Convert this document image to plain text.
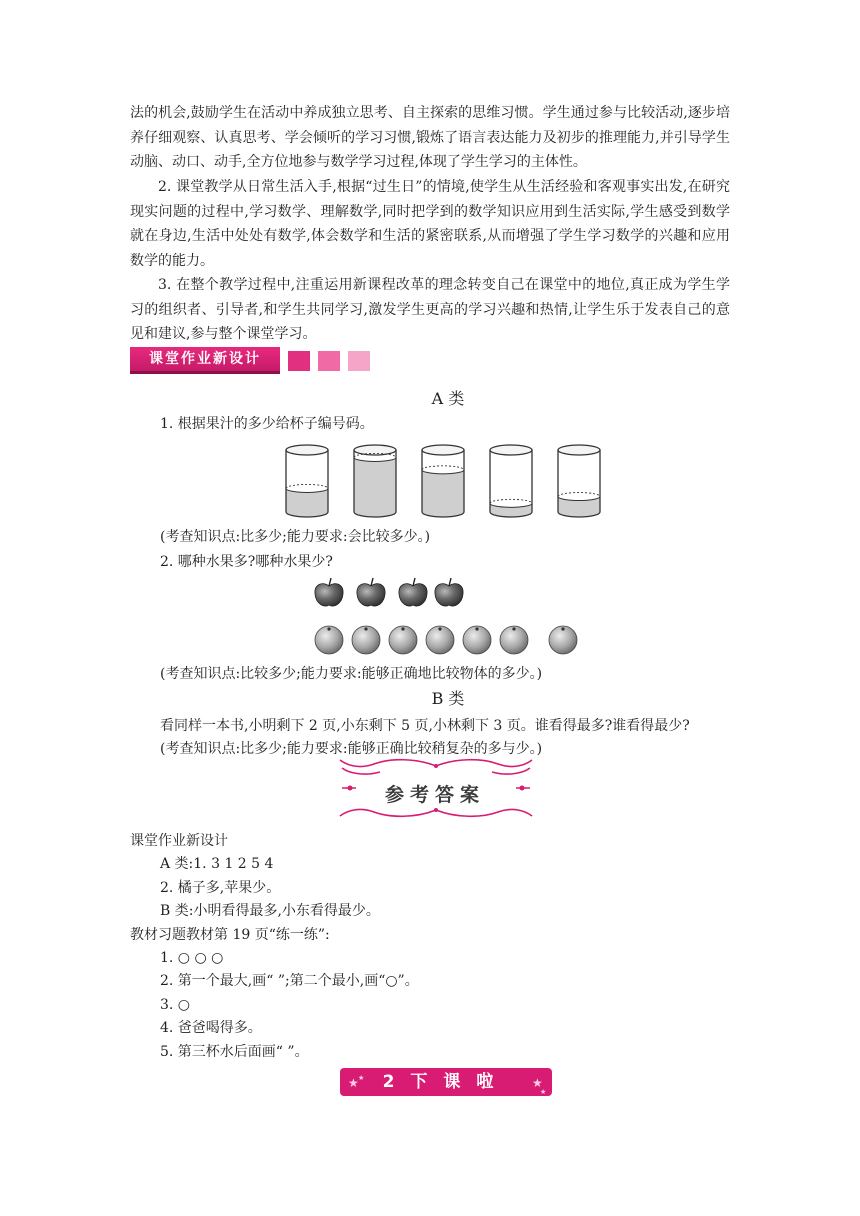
法的机会,鼓励学生在活动中养成独立思考、自主探索的思维习惯。学生通过参与比较活动,逐步培养仔细观察、认真思考、学会倾听的学习习惯,锻炼了语言表达能力及初步的推理能力,并引导学生动脑、动口、动手,全方位地参与数学学习过程,体现了学生学习的主体性。

2. 课堂教学从日常生活入手,根据“过生日”的情境,使学生从生活经验和客观事实出发,在研究现实问题的过程中,学习数学、理解数学,同时把学到的数学知识应用到生活实际,学生感受到数学就在身边,生活中处处有数学,体会数学和生活的紧密联系,从而增强了学生学习数学的兴趣和应用数学的能力。

3. 在整个教学过程中,注重运用新课程改革的理念转变自己在课堂中的地位,真正成为学生学习的组织者、引导者,和学生共同学习,激发学生更高的学习兴趣和热情,让学生乐于发表自己的意见和建议,参与整个课堂学习。

课堂作业新设计
A 类

1. 根据果汁的多少给杯子编号码。

(考查知识点:比多少;能力要求:会比较多少。)

2. 哪种水果多?哪种水果少?

(考查知识点:比较多少;能力要求:能够正确地比较物体的多少。)

B 类

看同样一本书,小明剩下 2 页,小东剩下 5 页,小林剩下 3 页。谁看得最多?谁看得最少?

(考查知识点:比多少;能力要求:能够正确比较稍复杂的多与少。)

参考答案

课堂作业新设计

A 类:1. 3 1 2 5 4

2. 橘子多,苹果少。

B 类:小明看得最多,小东看得最少。

教材习题教材第 19 页“练一练”:

1. ○ ○ ○

2. 第一个最大,画“ ”;第二个最小,画“○”。

3. ○

4. 爸爸喝得多。

5. 第三杯水后面画“ ”。

★	★
★
★
2下课啦
